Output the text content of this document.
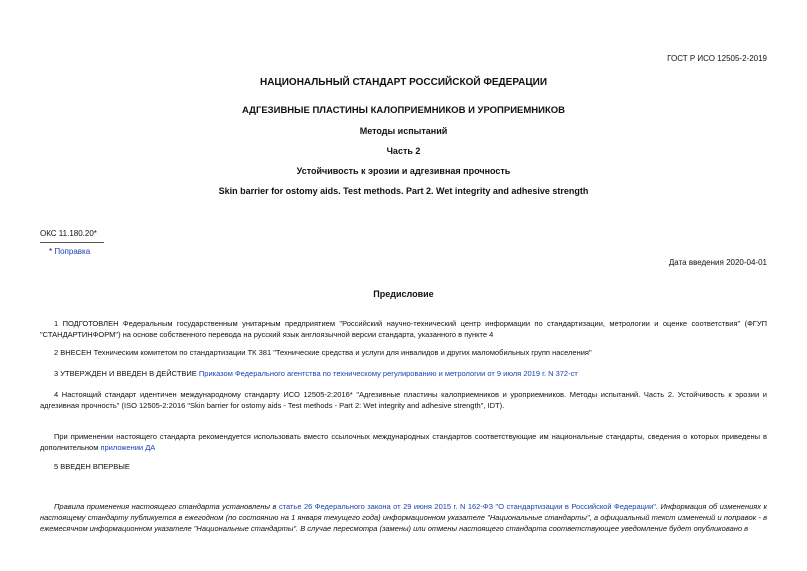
ГОСТ Р ИСО 12505-2-2019
НАЦИОНАЛЬНЫЙ СТАНДАРТ РОССИЙСКОЙ ФЕДЕРАЦИИ
АДГЕЗИВНЫЕ ПЛАСТИНЫ КАЛОПРИЕМНИКОВ И УРОПРИЕМНИКОВ
Методы испытаний
Часть 2
Устойчивость к эрозии и адгезивная прочность
Skin barrier for ostomy aids. Test methods. Part 2. Wet integrity and adhesive strength
ОКС 11.180.20*
* Поправка
Дата введения 2020-04-01
Предисловие
1 ПОДГОТОВЛЕН Федеральным государственным унитарным предприятием "Российский научно-технический центр информации по стандартизации, метрологии и оценке соответствия" (ФГУП "СТАНДАРТИНФОРМ") на основе собственного перевода на русский язык англоязычной версии стандарта, указанного в пункте 4
2 ВНЕСЕН Техническим комитетом по стандартизации ТК 381 "Технические средства и услуги для инвалидов и других маломобильных групп населения"
3 УТВЕРЖДЕН И ВВЕДЕН В ДЕЙСТВИЕ Приказом Федерального агентства по техническому регулированию и метрологии от 9 июля 2019 г. N 372-ст
4 Настоящий стандарт идентичен международному стандарту ИСО 12505-2:2016* "Адгезивные пластины калоприемников и уроприемников. Методы испытаний. Часть 2. Устойчивость к эрозии и адгезивная прочность" (ISO 12505-2:2016 "Skin barrier for ostomy aids - Test methods - Part 2: Wet integrity and adhesive strength", IDT).
При применении настоящего стандарта рекомендуется использовать вместо ссылочных международных стандартов соответствующие им национальные стандарты, сведения о которых приведены в дополнительном приложении ДА
5 ВВЕДЕН ВПЕРВЫЕ
Правила применения настоящего стандарта установлены в статье 26 Федерального закона от 29 июня 2015 г. N 162-ФЗ "О стандартизации в Российской Федерации". Информация об изменениях к настоящему стандарту публикуется в ежегодном (по состоянию на 1 января текущего года) информационном указателе "Национальные стандарты", а официальный текст изменений и поправок - в ежемесячном информационном указателе "Национальные стандарты". В случае пересмотра (замены) или отмены настоящего стандарта соответствующее уведомление будет опубликовано в
